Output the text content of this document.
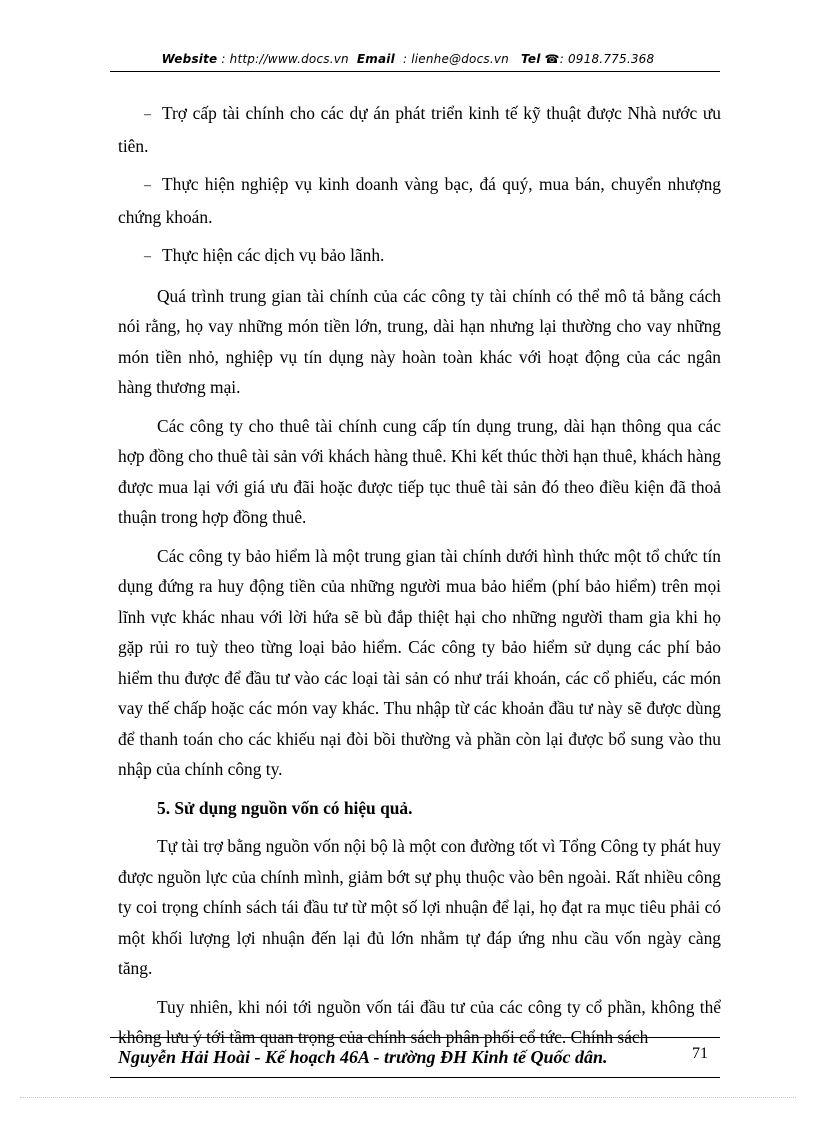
Website : http://www.docs.vn Email : lienhe@docs.vn Tel ☎: 0918.775.368

‒ Trợ cấp tài chính cho các dự án phát triển kinh tế kỹ thuật được Nhà nước ưu tiên.

‒ Thực hiện nghiệp vụ kinh doanh vàng bạc, đá quý, mua bán, chuyển nhượng chứng khoán.

‒ Thực hiện các dịch vụ bảo lãnh.

Quá trình trung gian tài chính của các công ty tài chính có thể mô tả bằng cách nói rằng, họ vay những món tiền lớn, trung, dài hạn nhưng lại thường cho vay những món tiền nhỏ, nghiệp vụ tín dụng này hoàn toàn khác với hoạt động của các ngân hàng thương mại.

Các công ty cho thuê tài chính cung cấp tín dụng trung, dài hạn thông qua các hợp đồng cho thuê tài sản với khách hàng thuê. Khi kết thúc thời hạn thuê, khách hàng được mua lại với giá ưu đãi hoặc được tiếp tục thuê tài sản đó theo điều kiện đã thoả thuận trong hợp đồng thuê.

Các công ty bảo hiểm là một trung gian tài chính dưới hình thức một tổ chức tín dụng đứng ra huy động tiền của những người mua bảo hiểm (phí bảo hiểm) trên mọi lĩnh vực khác nhau với lời hứa sẽ bù đắp thiệt hại cho những người tham gia khi họ gặp rủi ro tuỳ theo từng loại bảo hiểm. Các công ty bảo hiểm sử dụng các phí bảo hiểm thu được để đầu tư vào các loại tài sản có như trái khoán, các cổ phiếu, các món vay thế chấp hoặc các món vay khác. Thu nhập từ các khoản đầu tư này sẽ được dùng để thanh toán cho các khiếu nại đòi bồi thường và phần còn lại được bổ sung vào thu nhập của chính công ty.

5. Sử dụng nguồn vốn có hiệu quả.

Tự tài trợ bằng nguồn vốn nội bộ là một con đường tốt vì Tổng Công ty phát huy được nguồn lực của chính mình, giảm bớt sự phụ thuộc vào bên ngoài. Rất nhiều công ty coi trọng chính sách tái đầu tư từ một số lợi nhuận để lại, họ đạt ra mục tiêu phải có một khối lượng lợi nhuận đến lại đủ lớn nhằm tự đáp ứng nhu cầu vốn ngày càng tăng.

Tuy nhiên, khi nói tới nguồn vốn tái đầu tư của các công ty cổ phần, không thể không lưu ý tới tầm quan trọng của chính sách phân phối cổ tức. Chính sách

Nguyễn Hải Hoài - Kế hoạch 46A - trường ĐH Kinh tế Quốc dân.	71
